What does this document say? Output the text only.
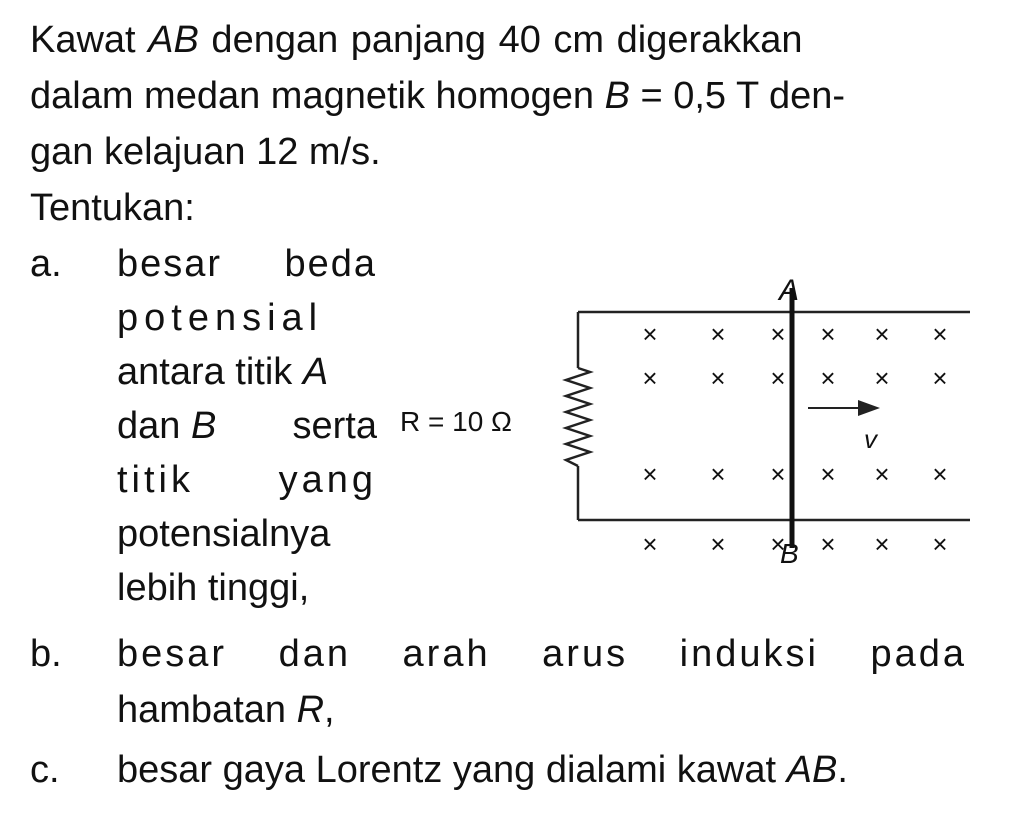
Kawat AB dengan panjang 40 cm digerakkan
dalam medan magnetik homogen B = 0,5 T den-
gan kelajuan 12 m/s.
Tentukan:
a. besar beda
potensial
antara titik A
dan B serta
titik yang
potensialnya
lebih tinggi,
b. besar dan arah arus induksi pada
hambatan R,
c. besar gaya Lorentz yang dialami kawat AB.
× × × × × ×
× × × × × ×
× × × × × ×
× × × × × ×
A
B
v
R = 10 Ω
